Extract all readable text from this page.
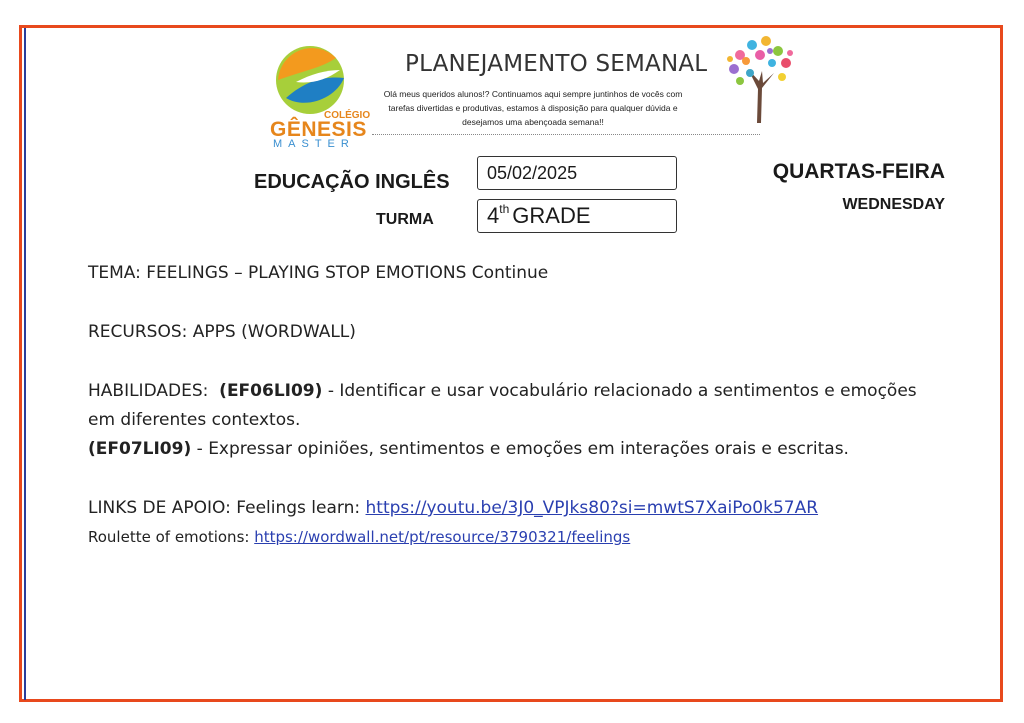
COLÉGIO
GÊNESIS
MASTER
PLANEJAMENTO SEMANAL
Olá meus queridos alunos!? Continuamos aqui sempre juntinhos de vocês com tarefas divertidas e produtivas, estamos à disposição para qualquer dúvida e desejamos uma abençoada semana!!
EDUCAÇÃO INGLÊS
TURMA
05/02/2025
4th GRADE
QUARTAS-FEIRA
WEDNESDAY

TEMA: FEELINGS – PLAYING STOP EMOTIONS Continue

RECURSOS: APPS (WORDWALL)

HABILIDADES: (EF06LI09) - Identificar e usar vocabulário relacionado a sentimentos e emoções em diferentes contextos.

(EF07LI09) - Expressar opiniões, sentimentos e emoções em interações orais e escritas.

LINKS DE APOIO: Feelings learn: https://youtu.be/3J0_VPJks80?si=mwtS7XaiPo0k57AR

Roulette of emotions: https://wordwall.net/pt/resource/3790321/feelings
